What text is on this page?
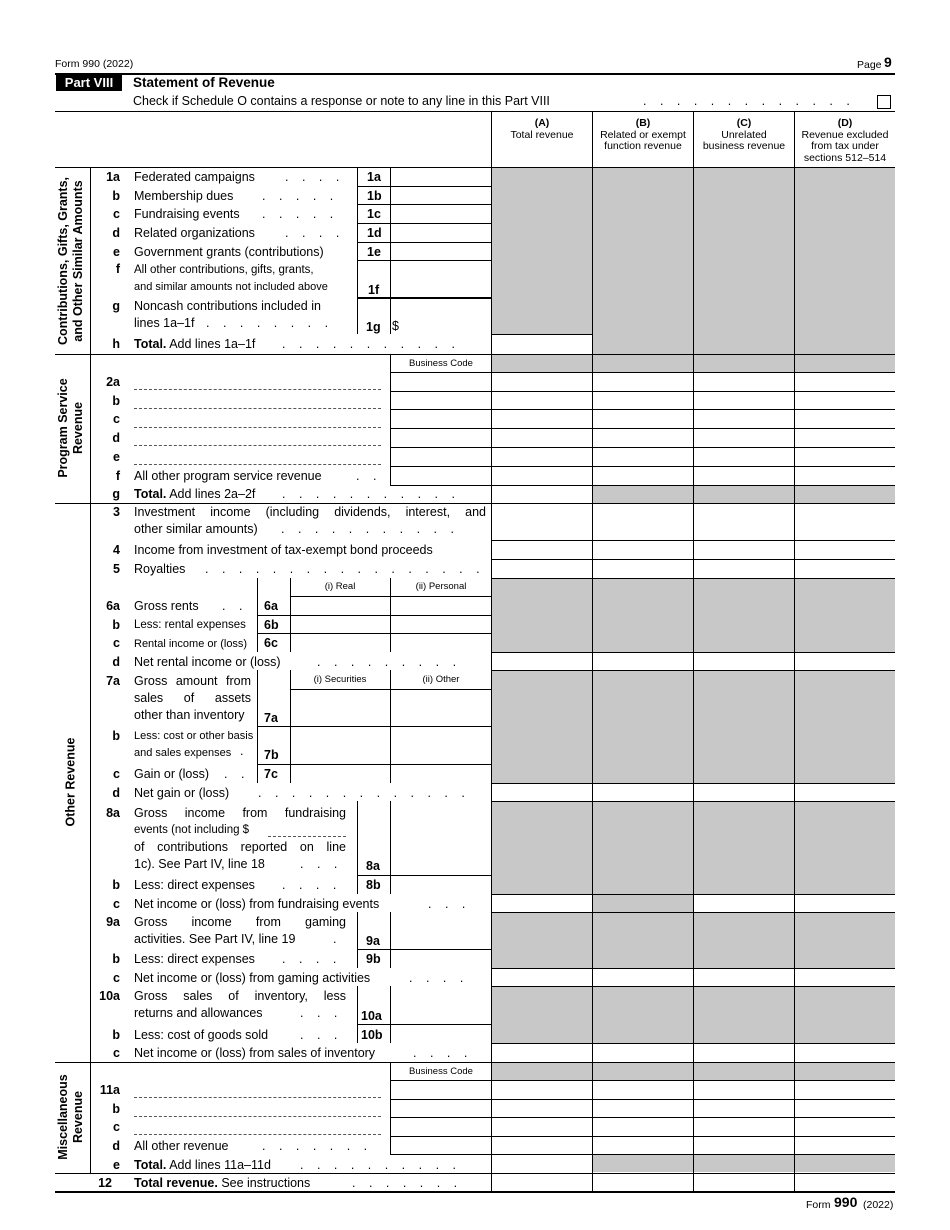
Form 990 (2022)	Page 9
Part VIII	Statement of Revenue
Check if Schedule O contains a response or note to any line in this Part VIII	. . . . . . . . . . . . .
(A)
Total revenue
(B)
Related or exempt
function revenue
(C)
Unrelated
business revenue
(D)
Revenue excluded
from tax under
sections 512–514
Contributions, Gifts, Grants, and Other Similar Amounts
Program Service Revenue
Other Revenue
Miscellaneous Revenue
1a Federated campaigns . . . . 1a
b Membership dues . . . . . 1b
c Fundraising events . . . . . 1c
d Related organizations . . . . 1d
e Government grants (contributions)	1e
f All other contributions, gifts, grants,
and similar amounts not included above	1f
g Noncash contributions included in
lines 1a–1f . . . . . . . .	1g $
h Total. Add lines 1a–1f . . . . . . . . . . .
Business Code
2a
b
c
d
e
f All other program service revenue	. .
g Total. Add lines 2a–2f . . . . . . . . . . .
3 Investment income (including dividends, interest, and
other similar amounts) . . . . . . . . . . .
4 Income from investment of tax-exempt bond proceeds
5 Royalties . . . . . . . . . . . . . . . . .
(i) Real	(ii) Personal
6a Gross rents . . 6a
b Less: rental expenses 6b
c Rental income or (loss) 6c
d Net rental income or (loss)	. . . . . . . . .
(i) Securities	(ii) Other
7a Gross amount from
sales of assets
other than inventory 7a
b Less: cost or other basis
and sales expenses . 7b
c Gain or (loss) . . 7c
d Net gain or (loss) . . . . . . . . . . . . .
8a Gross income from fundraising
events (not including $
of contributions reported on line
1c). See Part IV, line 18	. . . 8a
b Less: direct expenses . . . . 8b
c Net income or (loss) from fundraising events	. . .
9a Gross income from gaming
activities. See Part IV, line 19	. 9a
b Less: direct expenses . . . . 9b
c Net income or (loss) from gaming activities	. . . .
10a Gross sales of inventory, less
returns and allowances	. . . 10a
b Less: cost of goods sold	. . . 10b
c Net income or (loss) from sales of inventory	. . . .
Business Code
11a
b
c
d All other revenue	. . . . . . .
e Total. Add lines 11a–11d . . . . . . . . . .
12 Total revenue. See instructions	. . . . . . .
Form 990 (2022)
